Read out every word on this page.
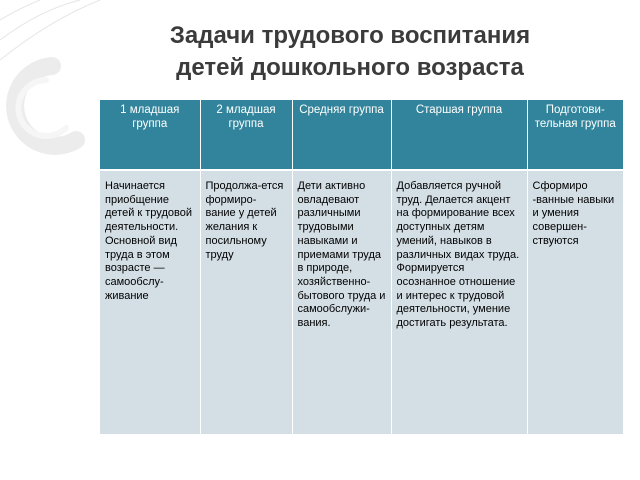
Задачи трудового воспитания
детей дошкольного возраста
1 младшая группа	2 младшая группа	Средняя группа	Старшая группа	Подготови-тельная группа
Начинается приобщение детей к трудовой деятельности. Основной вид труда в этом возрасте — самообслу-живание	Продолжа-ется формиро-вание у детей желания к посильному труду	Дети активно овладевают различными трудовыми навыками и приемами труда в природе, хозяйственно-бытового труда и самообслужи-вания.	Добавляется ручной труд. Делается акцент на формирование всех доступных детям умений, навыков в различных видах труда. Формируется осознанное отношение и интерес к трудовой деятельности, умение достигать результата.	Сформиро -ванные навыки и умения совершен-ствуются
